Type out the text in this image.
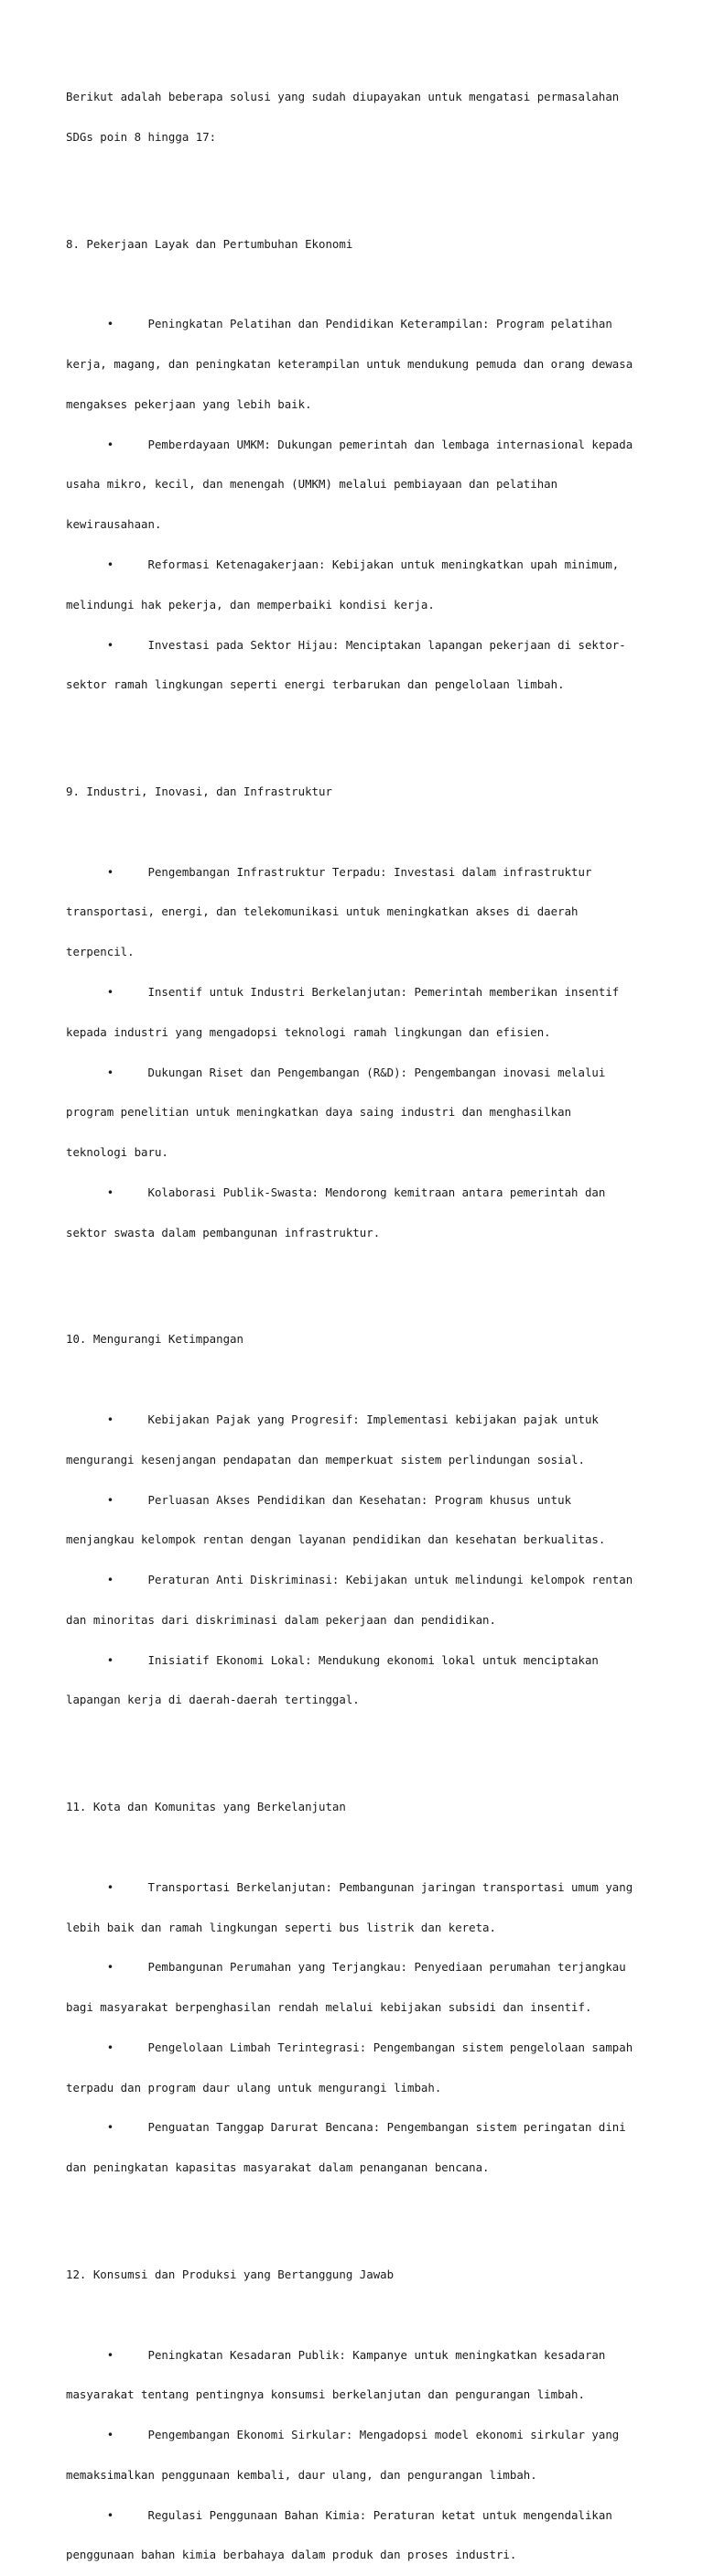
Berikut adalah beberapa solusi yang sudah diupayakan untuk mengatasi permasalahan

SDGs poin 8 hingga 17:

8. Pekerjaan Layak dan Pertumbuhan Ekonomi

•     Peningkatan Pelatihan dan Pendidikan Keterampilan: Program pelatihan

kerja, magang, dan peningkatan keterampilan untuk mendukung pemuda dan orang dewasa

mengakses pekerjaan yang lebih baik.

•     Pemberdayaan UMKM: Dukungan pemerintah dan lembaga internasional kepada

usaha mikro, kecil, dan menengah (UMKM) melalui pembiayaan dan pelatihan

kewirausahaan.

•     Reformasi Ketenagakerjaan: Kebijakan untuk meningkatkan upah minimum,

melindungi hak pekerja, dan memperbaiki kondisi kerja.

•     Investasi pada Sektor Hijau: Menciptakan lapangan pekerjaan di sektor-

sektor ramah lingkungan seperti energi terbarukan dan pengelolaan limbah.

9. Industri, Inovasi, dan Infrastruktur

•     Pengembangan Infrastruktur Terpadu: Investasi dalam infrastruktur

transportasi, energi, dan telekomunikasi untuk meningkatkan akses di daerah

terpencil.

•     Insentif untuk Industri Berkelanjutan: Pemerintah memberikan insentif

kepada industri yang mengadopsi teknologi ramah lingkungan dan efisien.

•     Dukungan Riset dan Pengembangan (R&D): Pengembangan inovasi melalui

program penelitian untuk meningkatkan daya saing industri dan menghasilkan

teknologi baru.

•     Kolaborasi Publik-Swasta: Mendorong kemitraan antara pemerintah dan

sektor swasta dalam pembangunan infrastruktur.

10. Mengurangi Ketimpangan

•     Kebijakan Pajak yang Progresif: Implementasi kebijakan pajak untuk

mengurangi kesenjangan pendapatan dan memperkuat sistem perlindungan sosial.

•     Perluasan Akses Pendidikan dan Kesehatan: Program khusus untuk

menjangkau kelompok rentan dengan layanan pendidikan dan kesehatan berkualitas.

•     Peraturan Anti Diskriminasi: Kebijakan untuk melindungi kelompok rentan

dan minoritas dari diskriminasi dalam pekerjaan dan pendidikan.

•     Inisiatif Ekonomi Lokal: Mendukung ekonomi lokal untuk menciptakan

lapangan kerja di daerah-daerah tertinggal.

11. Kota dan Komunitas yang Berkelanjutan

•     Transportasi Berkelanjutan: Pembangunan jaringan transportasi umum yang

lebih baik dan ramah lingkungan seperti bus listrik dan kereta.

•     Pembangunan Perumahan yang Terjangkau: Penyediaan perumahan terjangkau

bagi masyarakat berpenghasilan rendah melalui kebijakan subsidi dan insentif.

•     Pengelolaan Limbah Terintegrasi: Pengembangan sistem pengelolaan sampah

terpadu dan program daur ulang untuk mengurangi limbah.

•     Penguatan Tanggap Darurat Bencana: Pengembangan sistem peringatan dini

dan peningkatan kapasitas masyarakat dalam penanganan bencana.

12. Konsumsi dan Produksi yang Bertanggung Jawab

•     Peningkatan Kesadaran Publik: Kampanye untuk meningkatkan kesadaran

masyarakat tentang pentingnya konsumsi berkelanjutan dan pengurangan limbah.

•     Pengembangan Ekonomi Sirkular: Mengadopsi model ekonomi sirkular yang

memaksimalkan penggunaan kembali, daur ulang, dan pengurangan limbah.

•     Regulasi Penggunaan Bahan Kimia: Peraturan ketat untuk mengendalikan

penggunaan bahan kimia berbahaya dalam produk dan proses industri.
